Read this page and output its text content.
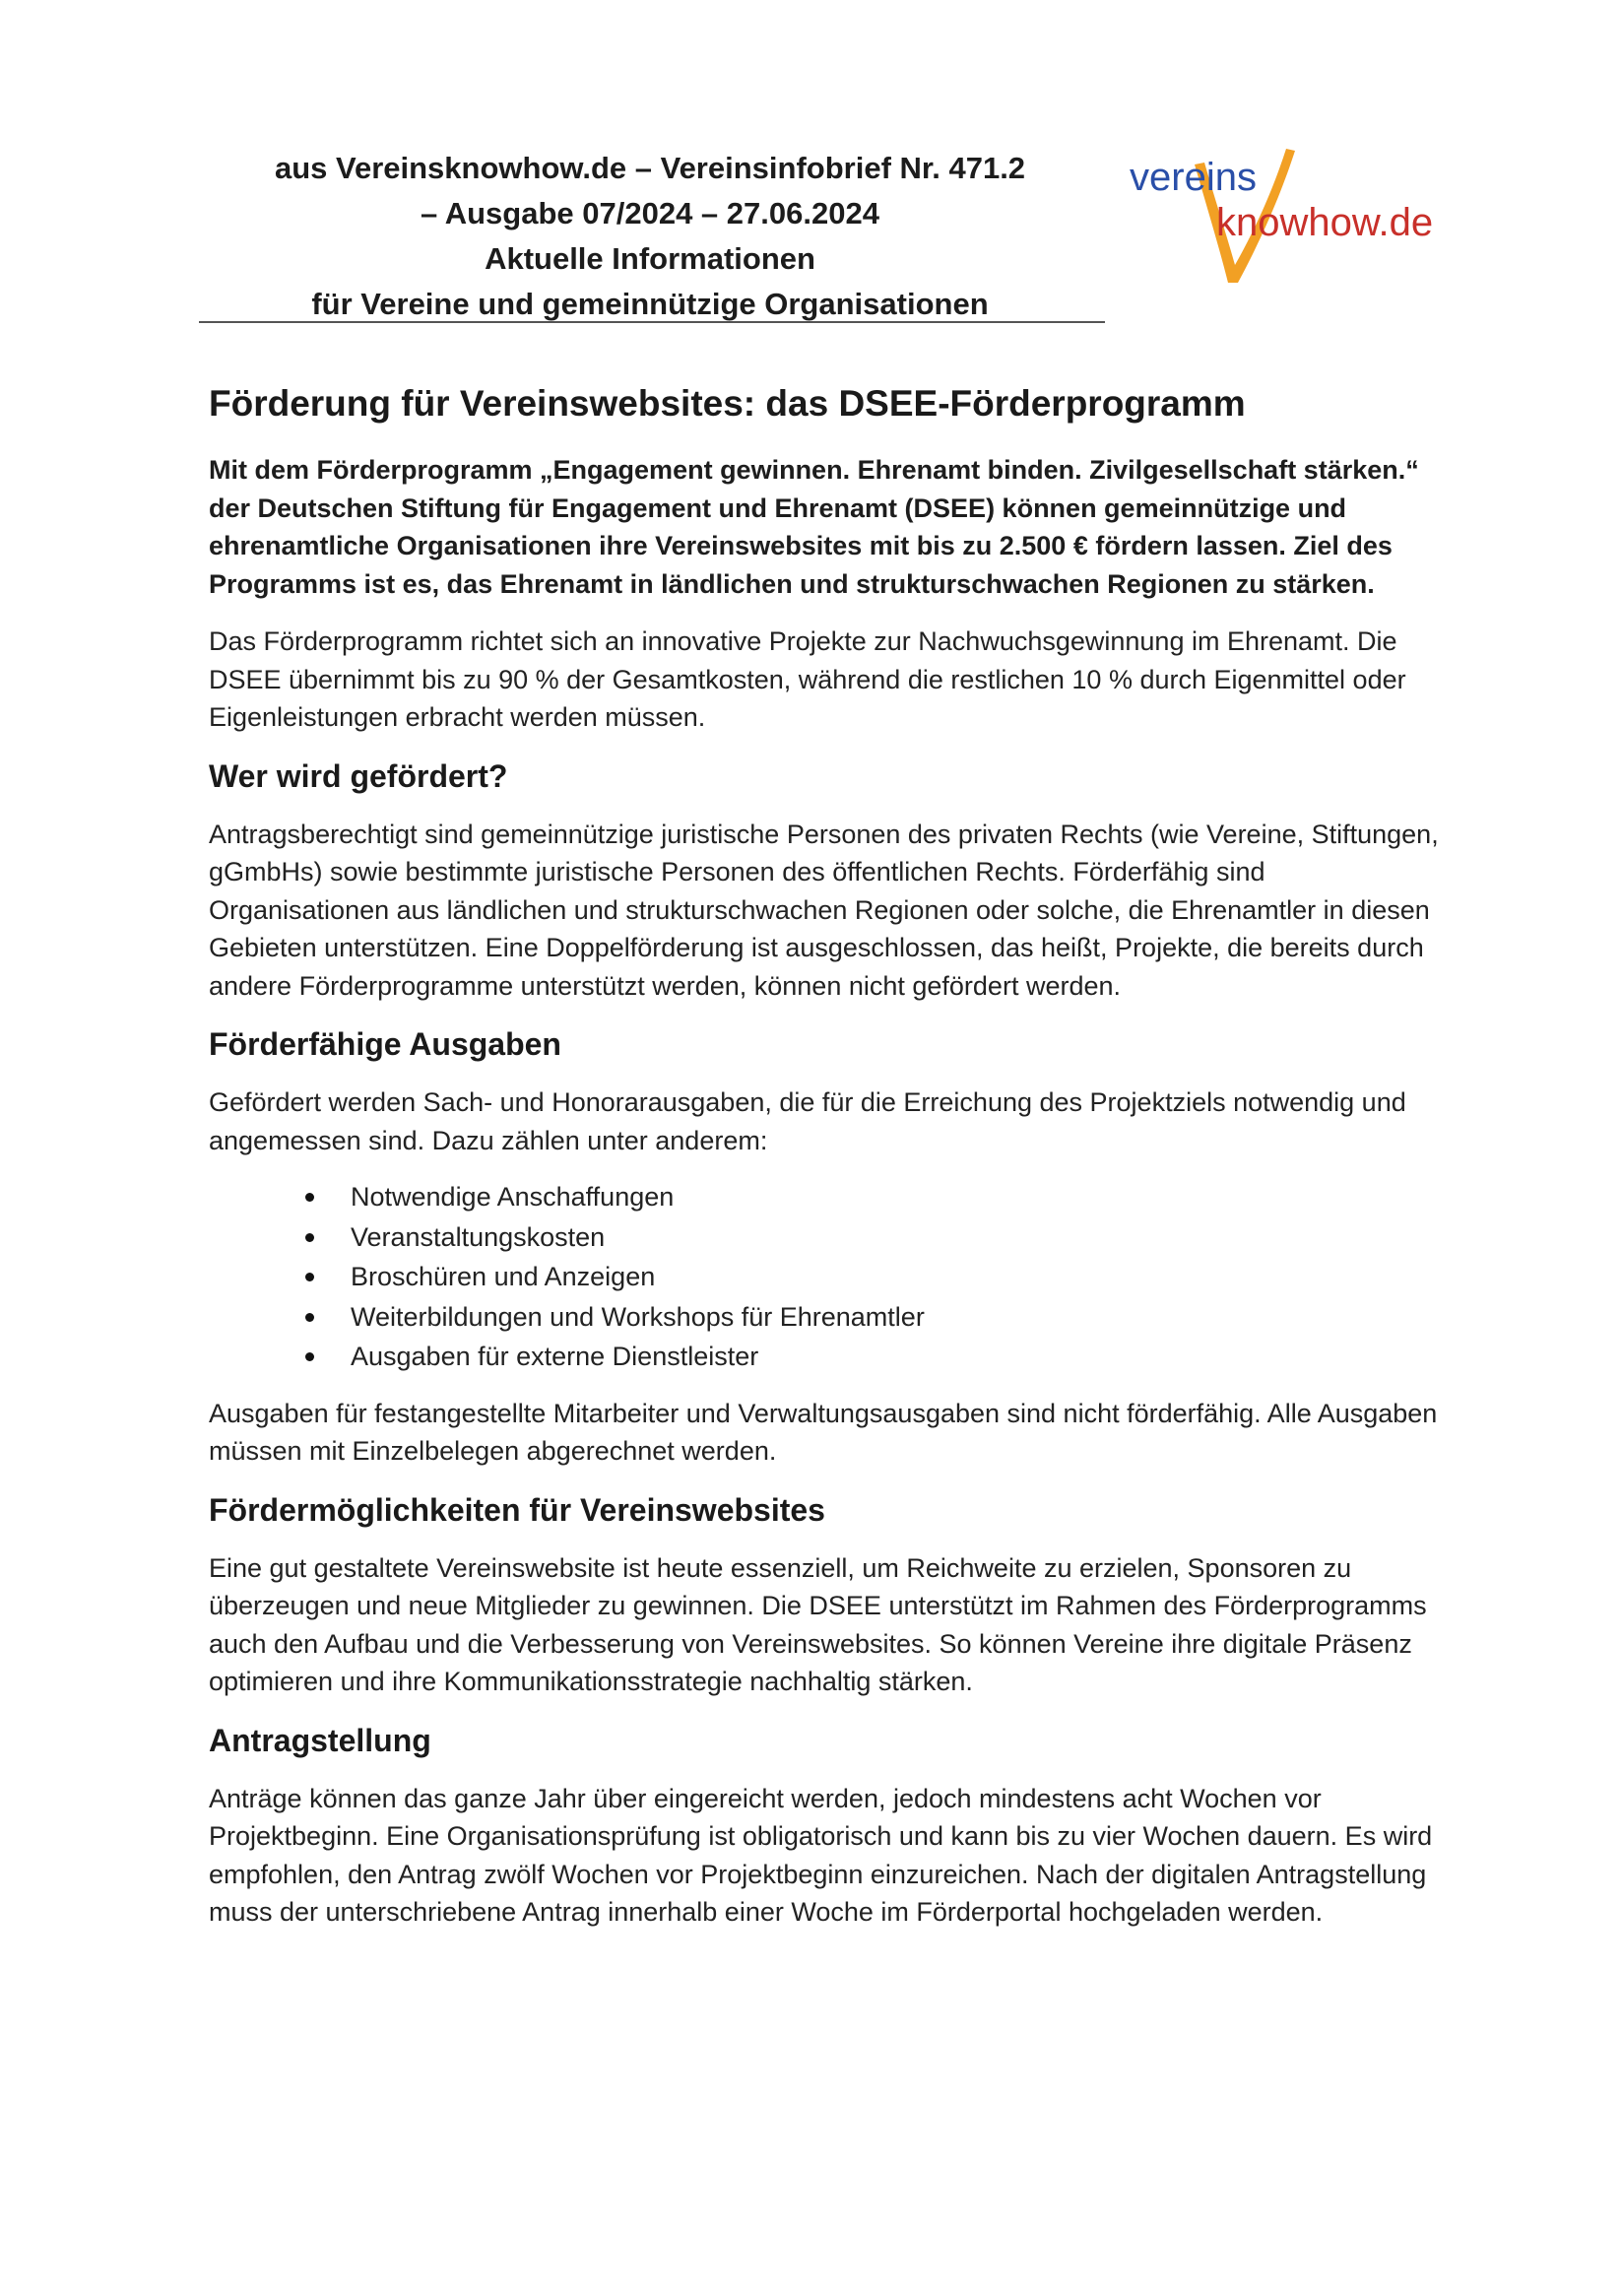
aus Vereinsknowhow.de – Vereinsinfobrief Nr. 471.2
– Ausgabe 07/2024 – 27.06.2024
Aktuelle Informationen
für Vereine und gemeinnützige Organisationen
vereins
knowhow.de
Förderung für Vereinswebsites: das DSEE-Förderprogramm

Mit dem Förderprogramm „Engagement gewinnen. Ehrenamt binden. Zivilgesellschaft stärken.“ der Deutschen Stiftung für Engagement und Ehrenamt (DSEE) können gemeinnützige und ehrenamtliche Organisationen ihre Vereinswebsites mit bis zu 2.500 € fördern lassen. Ziel des Programms ist es, das Ehrenamt in ländlichen und strukturschwachen Regionen zu stärken.

Das Förderprogramm richtet sich an innovative Projekte zur Nachwuchsgewinnung im Ehrenamt. Die DSEE übernimmt bis zu 90 % der Gesamtkosten, während die restlichen 10 % durch Eigenmittel oder Eigenleistungen erbracht werden müssen.

Wer wird gefördert?

Antragsberechtigt sind gemeinnützige juristische Personen des privaten Rechts (wie Vereine, Stiftungen, gGmbHs) sowie bestimmte juristische Personen des öffentlichen Rechts. Förderfähig sind Organisationen aus ländlichen und strukturschwachen Regionen oder solche, die Ehrenamtler in diesen Gebieten unterstützen. Eine Doppelförderung ist ausgeschlossen, das heißt, Projekte, die bereits durch andere Förderprogramme unterstützt werden, können nicht gefördert werden.

Förderfähige Ausgaben

Gefördert werden Sach- und Honorarausgaben, die für die Erreichung des Projektziels notwendig und angemessen sind. Dazu zählen unter anderem:

Notwendige Anschaffungen
Veranstaltungskosten
Broschüren und Anzeigen
Weiterbildungen und Workshops für Ehrenamtler
Ausgaben für externe Dienstleister

Ausgaben für festangestellte Mitarbeiter und Verwaltungsausgaben sind nicht förderfähig. Alle Ausgaben müssen mit Einzelbelegen abgerechnet werden.

Fördermöglichkeiten für Vereinswebsites

Eine gut gestaltete Vereinswebsite ist heute essenziell, um Reichweite zu erzielen, Sponsoren zu überzeugen und neue Mitglieder zu gewinnen. Die DSEE unterstützt im Rahmen des Förderprogramms auch den Aufbau und die Verbesserung von Vereinswebsites. So können Vereine ihre digitale Präsenz optimieren und ihre Kommunikationsstrategie nachhaltig stärken.

Antragstellung

Anträge können das ganze Jahr über eingereicht werden, jedoch mindestens acht Wochen vor Projektbeginn. Eine Organisationsprüfung ist obligatorisch und kann bis zu vier Wochen dauern. Es wird empfohlen, den Antrag zwölf Wochen vor Projektbeginn einzureichen. Nach der digitalen Antragstellung muss der unterschriebene Antrag innerhalb einer Woche im Förderportal hochgeladen werden.
